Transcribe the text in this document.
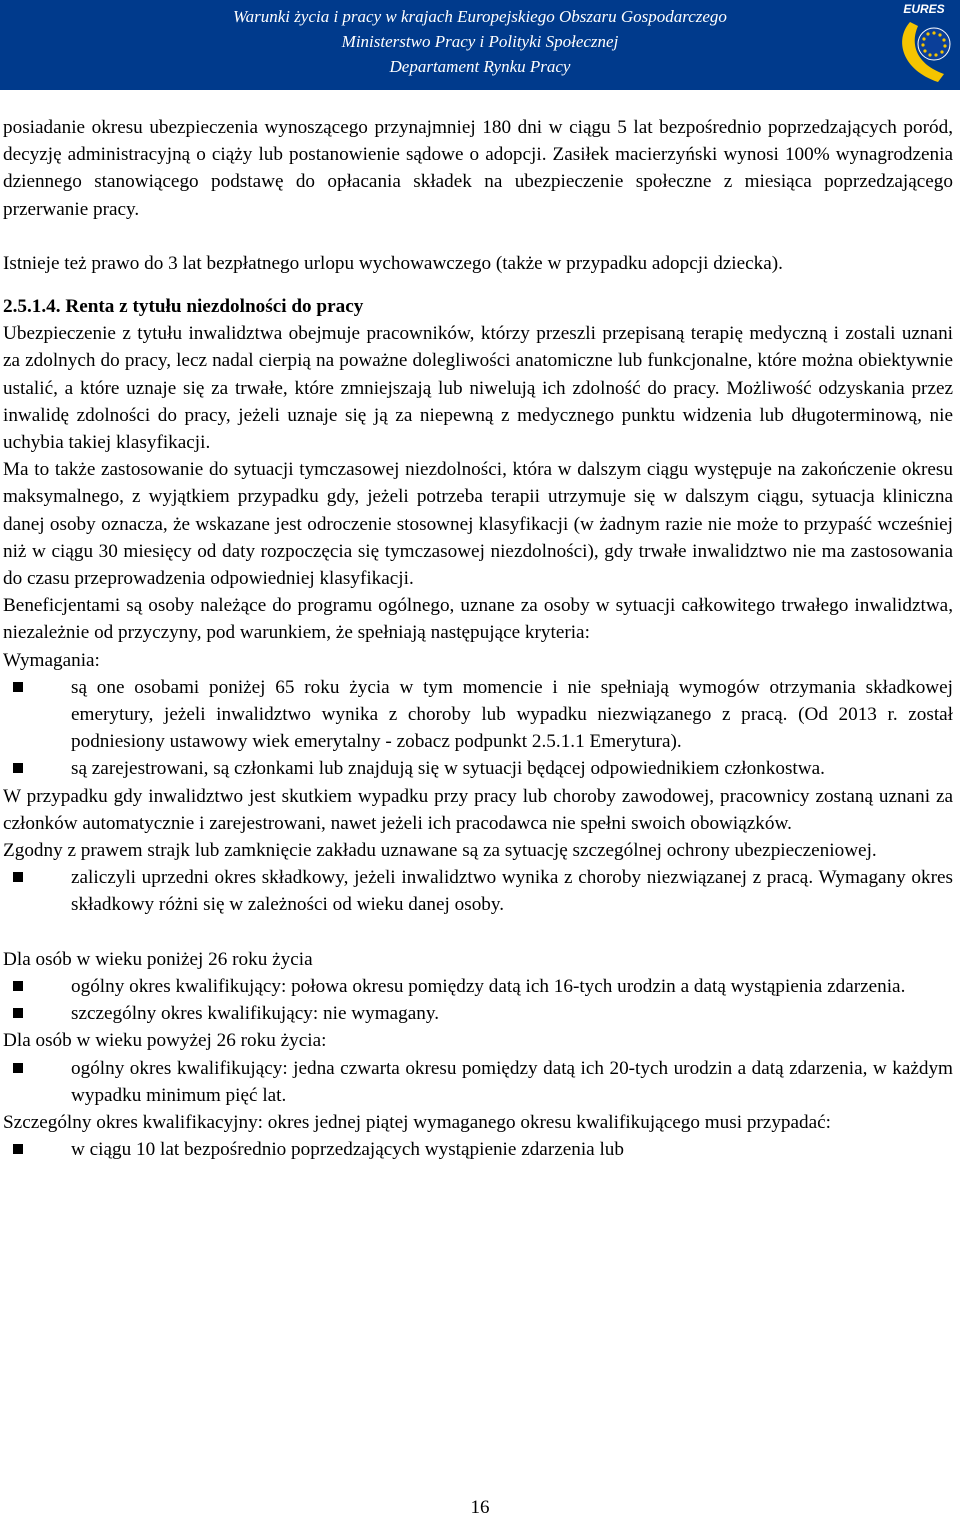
Warunki życia i pracy w krajach Europejskiego Obszaru Gospodarczego
Ministerstwo Pracy i Polityki Społecznej
Departament Rynku Pracy
EURES

posiadanie okresu ubezpieczenia wynoszącego przynajmniej 180 dni w ciągu 5 lat bezpośrednio poprzedzających poród, decyzję administracyjną o ciąży lub postanowienie sądowe o adopcji. Zasiłek macierzyński wynosi 100% wynagrodzenia dziennego stanowiącego podstawę do opłacania składek na ubezpieczenie społeczne z miesiąca poprzedzającego przerwanie pracy.

Istnieje też prawo do 3 lat bezpłatnego urlopu wychowawczego (także w przypadku adopcji dziecka).

2.5.1.4. Renta z tytułu niezdolności do pracy

Ubezpieczenie z tytułu inwalidztwa obejmuje pracowników, którzy przeszli przepisaną terapię medyczną i zostali uznani za zdolnych do pracy, lecz nadal cierpią na poważne dolegliwości anatomiczne lub funkcjonalne, które można obiektywnie ustalić, a które uznaje się za trwałe, które zmniejszają lub niwelują ich zdolność do pracy. Możliwość odzyskania przez inwalidę zdolności do pracy, jeżeli uznaje się ją za niepewną z medycznego punktu widzenia lub długoterminową, nie uchybia takiej klasyfikacji.

Ma to także zastosowanie do sytuacji tymczasowej niezdolności, która w dalszym ciągu występuje na zakończenie okresu maksymalnego, z wyjątkiem przypadku gdy, jeżeli potrzeba terapii utrzymuje się w dalszym ciągu, sytuacja kliniczna danej osoby oznacza, że wskazane jest odroczenie stosownej klasyfikacji (w żadnym razie nie może to przypaść wcześniej niż w ciągu 30 miesięcy od daty rozpoczęcia się tymczasowej niezdolności), gdy trwałe inwalidztwo nie ma zastosowania do czasu przeprowadzenia odpowiedniej klasyfikacji.

Beneficjentami są osoby należące do programu ogólnego, uznane za osoby w sytuacji całkowitego trwałego inwalidztwa, niezależnie od przyczyny, pod warunkiem, że spełniają następujące kryteria:

Wymagania:

są one osobami poniżej 65 roku życia w tym momencie i nie spełniają wymogów otrzymania składkowej emerytury, jeżeli inwalidztwo wynika z choroby lub wypadku niezwiązanego z pracą. (Od 2013 r. został podniesiony ustawowy wiek emerytalny - zobacz podpunkt 2.5.1.1 Emerytura).
są zarejestrowani, są członkami lub znajdują się w sytuacji będącej odpowiednikiem członkostwa.

W przypadku gdy inwalidztwo jest skutkiem wypadku przy pracy lub choroby zawodowej, pracownicy zostaną uznani za członków automatycznie i zarejestrowani, nawet jeżeli ich pracodawca nie spełni swoich obowiązków.

Zgodny z prawem strajk lub zamknięcie zakładu uznawane są za sytuację szczególnej ochrony ubezpieczeniowej.

zaliczyli uprzedni okres składkowy, jeżeli inwalidztwo wynika z choroby niezwiązanej z pracą. Wymagany okres składkowy różni się w zależności od wieku danej osoby.

Dla osób w wieku poniżej 26 roku życia

ogólny okres kwalifikujący: połowa okresu pomiędzy datą ich 16-tych urodzin a datą wystąpienia zdarzenia.
szczególny okres kwalifikujący: nie wymagany.

Dla osób w wieku powyżej 26 roku życia:

ogólny okres kwalifikujący: jedna czwarta okresu pomiędzy datą ich 20-tych urodzin a datą zdarzenia, w każdym wypadku minimum pięć lat.

Szczególny okres kwalifikacyjny: okres jednej piątej wymaganego okresu kwalifikującego musi przypadać:

w ciągu 10 lat bezpośrednio poprzedzających wystąpienie zdarzenia lub
16
